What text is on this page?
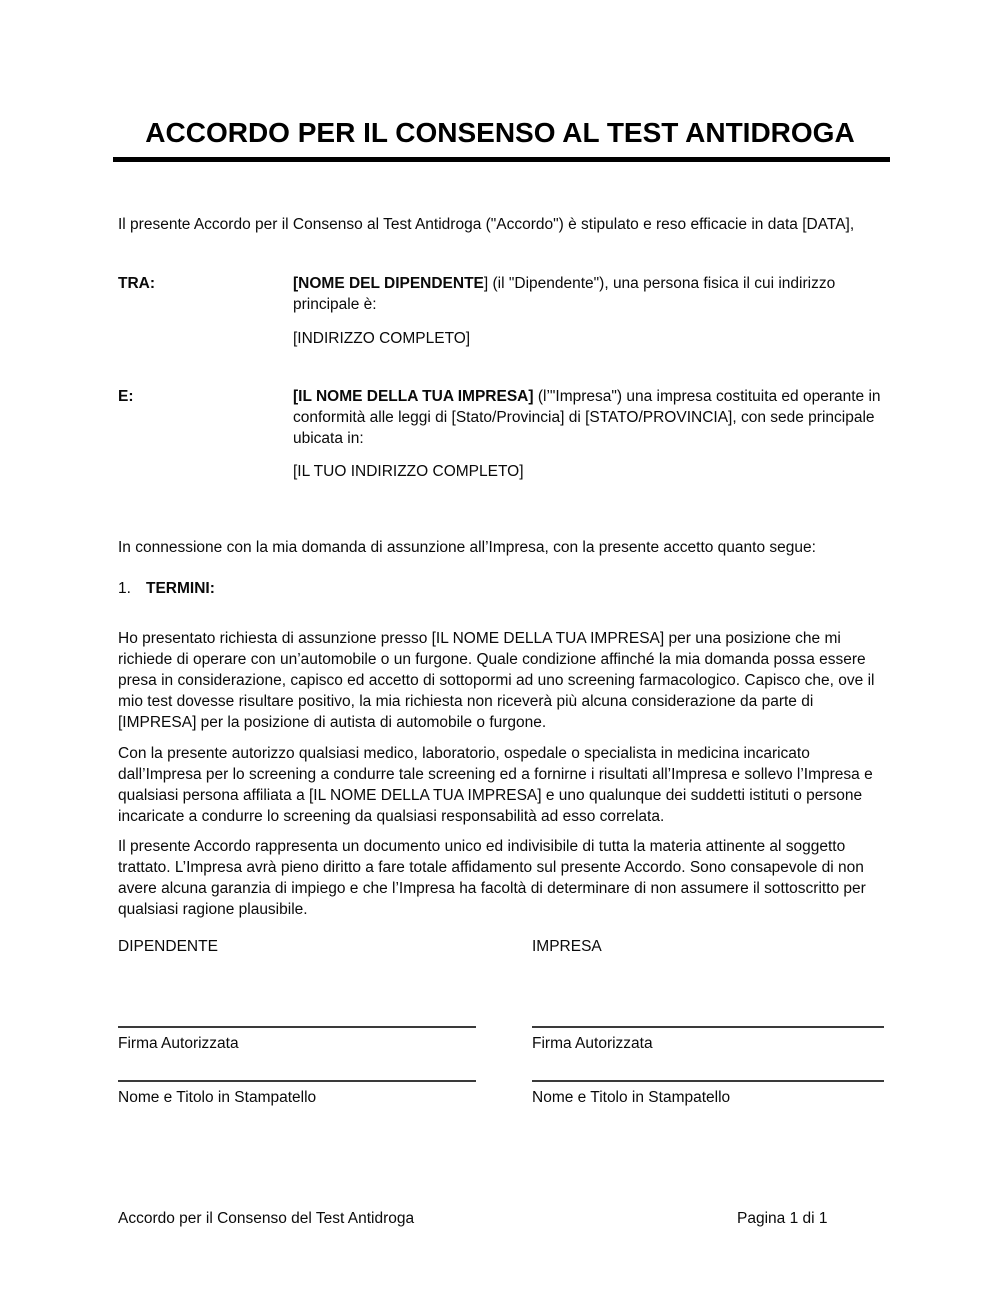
ACCORDO PER IL CONSENSO AL TEST ANTIDROGA

Il presente Accordo per il Consenso al Test Antidroga ("Accordo") è stipulato e reso efficacie in data [DATA],

TRA:	[NOME DEL DIPENDENTE] (il "Dipendente"), una persona fisica il cui indirizzo principale è:
[INDIRIZZO COMPLETO]
E:	[IL NOME DELLA TUA IMPRESA] (l’"Impresa") una impresa costituita ed operante in conformità alle leggi di [Stato/Provincia] di [STATO/PROVINCIA], con sede principale ubicata in:
[IL TUO INDIRIZZO COMPLETO]

In connessione con la mia domanda di assunzione all’Impresa, con la presente accetto quanto segue:

1. TERMINI:

Ho presentato richiesta di assunzione presso [IL NOME DELLA TUA IMPRESA] per una posizione che mi richiede di operare con un’automobile o un furgone. Quale condizione affinché la mia domanda possa essere presa in considerazione, capisco ed accetto di sottopormi ad uno screening farmacologico. Capisco che, ove il mio test dovesse risultare positivo, la mia richiesta non riceverà più alcuna considerazione da parte di [IMPRESA] per la posizione di autista di automobile o furgone.

Con la presente autorizzo qualsiasi medico, laboratorio, ospedale o specialista in medicina incaricato dall’Impresa per lo screening a condurre tale screening ed a fornirne i risultati all’Impresa e sollevo l’Impresa e qualsiasi persona affiliata a [IL NOME DELLA TUA IMPRESA] e uno qualunque dei suddetti istituti o persone incaricate a condurre lo screening da qualsiasi responsabilità ad esso correlata.

Il presente Accordo rappresenta un documento unico ed indivisibile di tutta la materia attinente al soggetto trattato. L’Impresa avrà pieno diritto a fare totale affidamento sul presente Accordo. Sono consapevole di non avere alcuna garanzia di impiego e che l’Impresa ha facoltà di determinare di non assumere il sottoscritto per qualsiasi ragione plausibile.

DIPENDENTE	IMPRESA
Firma Autorizzata	Firma Autorizzata
Nome e Titolo in Stampatello	Nome e Titolo in Stampatello
Accordo per il Consenso del Test Antidroga	Pagina 1 di 1
